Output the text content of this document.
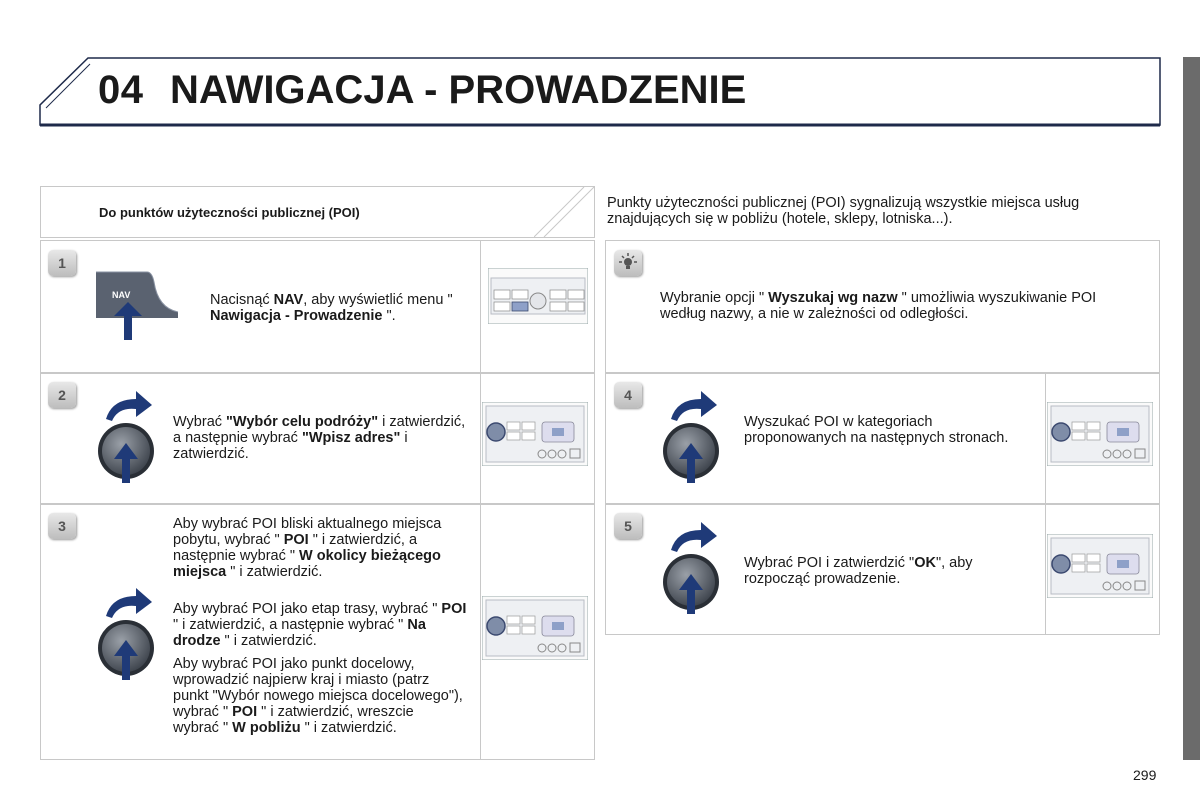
04 NAWIGACJA - PROWADZENIE
Do punktów użyteczności publicznej (POI)
Punkty użyteczności publicznej (POI) sygnalizują wszystkie miejsca usług znajdujących się w pobliżu (hotele, sklepy, lotniska...).
1
2
3
4
5
NAV	Nacisnąć NAV, aby wyświetlić menu " Nawigacja - Prowadzenie ".
Wybrać "Wybór celu podróży" i zatwierdzić, a następnie wybrać "Wpisz adres" i zatwierdzić.
Aby wybrać POI bliski aktualnego miejsca pobytu, wybrać " POI " i zatwierdzić, a następnie wybrać " W okolicy bieżącego miejsca " i zatwierdzić.
Aby wybrać POI jako etap trasy, wybrać " POI " i zatwierdzić, a następnie wybrać " Na drodze " i zatwierdzić.
Aby wybrać POI jako punkt docelowy, wprowadzić najpierw kraj i miasto (patrz punkt "Wybór nowego miejsca docelowego"), wybrać " POI " i zatwierdzić, wreszcie wybrać " W pobliżu " i zatwierdzić.
Wybranie opcji " Wyszukaj wg nazw " umożliwia wyszukiwanie POI według nazwy, a nie w zależności od odległości.
Wyszukać POI w kategoriach proponowanych na następnych stronach.
Wybrać POI i zatwierdzić "OK", aby rozpocząć prowadzenie.
299
